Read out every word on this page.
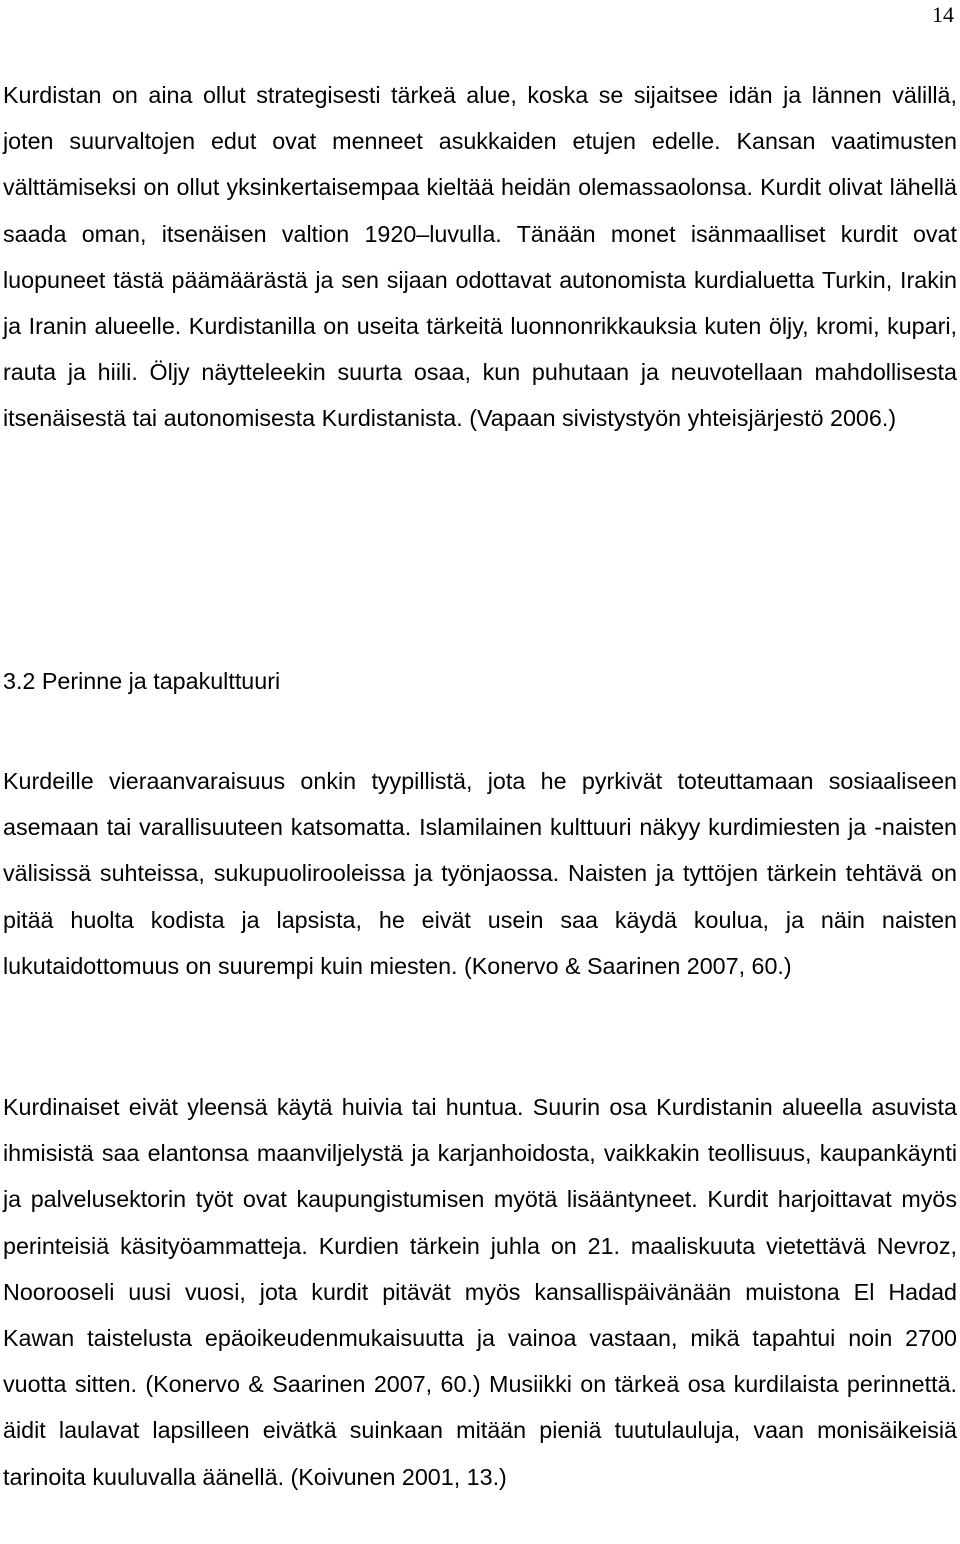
14

Kurdistan on aina ollut strategisesti tärkeä alue, koska se sijaitsee idän ja lännen välillä, joten suurvaltojen edut ovat menneet asukkaiden etujen edelle. Kansan vaatimusten välttämiseksi on ollut yksinkertaisempaa kieltää heidän olemassaolonsa. Kurdit olivat lähellä saada oman, itsenäisen valtion 1920–luvulla. Tänään monet isänmaalliset kurdit ovat luopuneet tästä päämäärästä ja sen sijaan odottavat autonomista kurdialuetta Turkin, Irakin ja Iranin alueelle. Kurdistanilla on useita tärkeitä luonnonrikkauksia kuten öljy, kromi, kupari, rauta ja hiili. Öljy näytteleekin suurta osaa, kun puhutaan ja neuvotellaan mahdollisesta itsenäisestä tai autonomisesta Kurdistanista. (Vapaan sivistystyön yhteisjärjestö 2006.)

3.2 Perinne ja tapakulttuuri

Kurdeille vieraanvaraisuus onkin tyypillistä, jota he pyrkivät toteuttamaan sosiaaliseen asemaan tai varallisuuteen katsomatta. Islamilainen kulttuuri näkyy kurdimiesten ja -naisten välisissä suhteissa, sukupuolirooleissa ja työnjaossa. Naisten ja tyttöjen tärkein tehtävä on pitää huolta kodista ja lapsista, he eivät usein saa käydä koulua, ja näin naisten lukutaidottomuus on suurempi kuin miesten. (Konervo & Saarinen 2007, 60.)

Kurdinaiset eivät yleensä käytä huivia tai huntua. Suurin osa Kurdistanin alueella asuvista ihmisistä saa elantonsa maanviljelystä ja karjanhoidosta, vaikkakin teollisuus, kaupankäynti ja palvelusektorin työt ovat kaupungistumisen myötä lisääntyneet. Kurdit harjoittavat myös perinteisiä käsityöammatteja. Kurdien tärkein juhla on 21. maaliskuuta vietettävä Nevroz, Noorooseli uusi vuosi, jota kurdit pitävät myös kansallispäivänään muistona El Hadad Kawan taistelusta epäoikeudenmukaisuutta ja vainoa vastaan, mikä tapahtui noin 2700 vuotta sitten. (Konervo & Saarinen 2007, 60.) Musiikki on tärkeä osa kurdilaista perinnettä. äidit laulavat lapsilleen eivätkä suinkaan mitään pieniä tuutulauluja, vaan monisäikeisiä tarinoita kuuluvalla äänellä. (Koivunen 2001, 13.)
